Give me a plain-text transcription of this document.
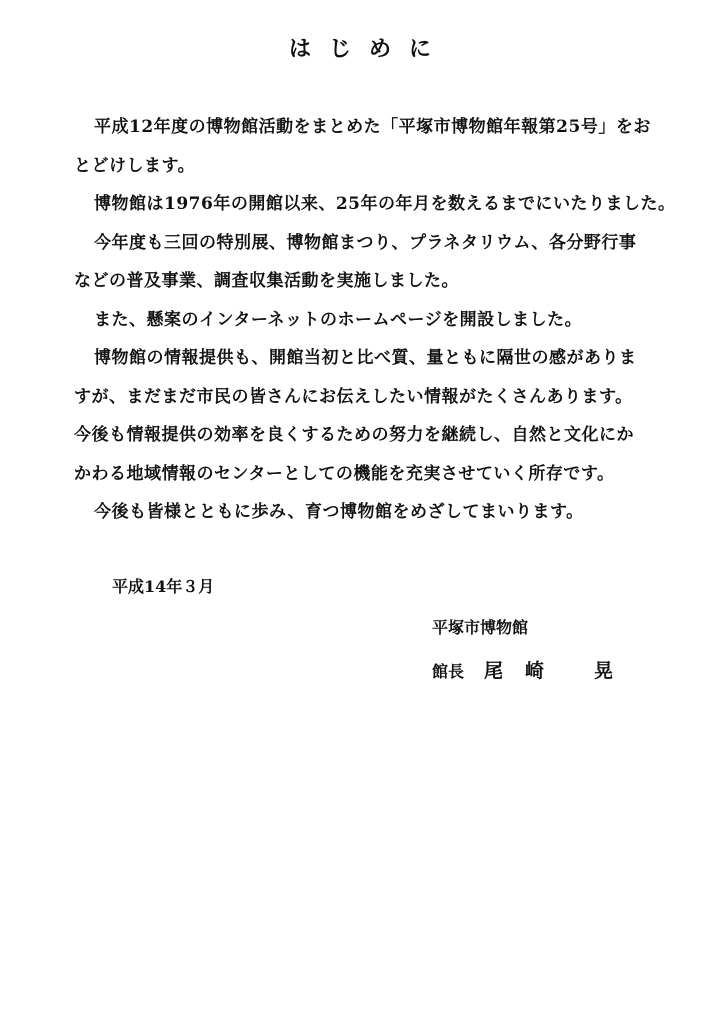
はじめに
平成12年度の博物館活動をまとめた「平塚市博物館年報第25号」をお
とどけします。
博物館は1976年の開館以来、25年の年月を数えるまでにいたりました。
今年度も三回の特別展、博物館まつり、プラネタリウム、各分野行事
などの普及事業、調査収集活動を実施しました。
また、懸案のインターネットのホームページを開設しました。
博物館の情報提供も、開館当初と比べ質、量ともに隔世の感がありま
すが、まだまだ市民の皆さんにお伝えしたい情報がたくさんあります。
今後も情報提供の効率を良くするための努力を継続し、自然と文化にか
かわる地域情報のセンターとしての機能を充実させていく所存です。
今後も皆様とともに歩み、育つ博物館をめざしてまいります。
平成14年３月
平塚市博物館
館長 尾崎 晃
